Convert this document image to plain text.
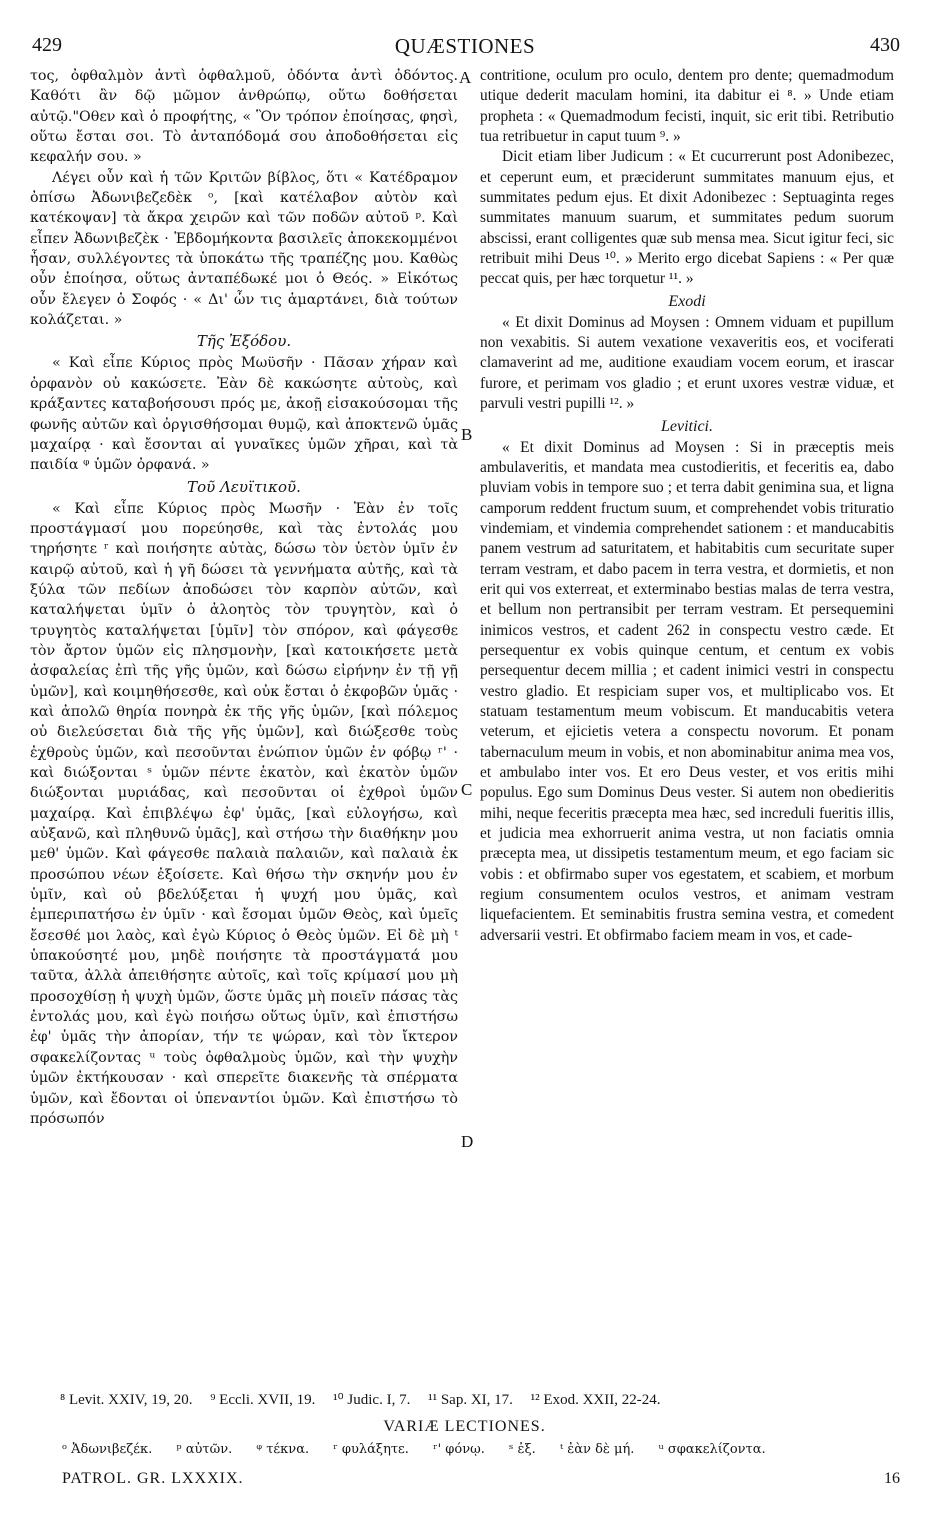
429	QUÆSTIONES	430

τος, ὀφθαλμὸν ἀντὶ ὀφθαλμοῦ, ὀδόντα ἀντὶ ὀδόντος. Καθότι ἂν δῷ μῶμον ἀνθρώπῳ, οὕτω δοθήσεται αὐτῷ."Οθεν καὶ ὁ προφήτης, « Ὃν τρόπον ἐποίησας, φησὶ, οὕτω ἔσται σοι. Τὸ ἀνταπόδομά σου ἀποδοθήσεται εἰς κεφαλήν σου. »

Λέγει οὖν καὶ ἡ τῶν Κριτῶν βίβλος, ὅτι « Κατέδραμον ὀπίσω Ἀδωνιβεζεδὲκ ᵒ, [καὶ κατέλαβον αὐτὸν καὶ κατέκοψαν] τὰ ἄκρα χειρῶν καὶ τῶν ποδῶν αὐτοῦ ᵖ. Καὶ εἶπεν Ἀδωνιβεζὲκ · Ἑβδομήκοντα βασιλεῖς ἀποκεκομμένοι ἦσαν, συλλέγοντες τὰ ὑποκάτω τῆς τραπέζης μου. Καθὼς οὖν ἐποίησα, οὕτως ἀνταπέδωκέ μοι ὁ Θεός. » Εἰκότως οὖν ἔλεγεν ὁ Σοφός · « Δι' ὧν τις ἁμαρτάνει, διὰ τούτων κολάζεται. »

Τῆς Ἐξόδου.

« Καὶ εἶπε Κύριος πρὸς Μωϋσῆν · Πᾶσαν χήραν καὶ ὀρφανὸν οὐ κακώσετε. Ἐὰν δὲ κακώσητε αὐτοὺς, καὶ κράξαντες καταβοήσουσι πρός με, ἀκοῇ εἰσακούσομαι τῆς φωνῆς αὐτῶν καὶ ὀργισθήσομαι θυμῷ, καὶ ἀποκτενῶ ὑμᾶς μαχαίρᾳ · καὶ ἔσονται αἱ γυναῖκες ὑμῶν χῆραι, καὶ τὰ παιδία ᵠ ὑμῶν ὀρφανά. »

Τοῦ Λευϊτικοῦ.

« Καὶ εἶπε Κύριος πρὸς Μωσῆν · Ἐὰν ἐν τοῖς προστάγμασί μου πορεύησθε, καὶ τὰς ἐντολάς μου τηρήσητε ʳ καὶ ποιήσητε αὐτὰς, δώσω τὸν ὑετὸν ὑμῖν ἐν καιρῷ αὐτοῦ, καὶ ἡ γῆ δώσει τὰ γεννήματα αὐτῆς, καὶ τὰ ξύλα τῶν πεδίων ἀποδώσει τὸν καρπὸν αὐτῶν, καὶ καταλήψεται ὑμῖν ὁ ἀλοητὸς τὸν τρυγητὸν, καὶ ὁ τρυγητὸς καταλήψεται [ὑμῖν] τὸν σπόρον, καὶ φάγεσθε τὸν ἄρτον ὑμῶν εἰς πλησμονὴν, [καὶ κατοικήσετε μετὰ ἀσφαλείας ἐπὶ τῆς γῆς ὑμῶν, καὶ δώσω εἰρήνην ἐν τῇ γῇ ὑμῶν], καὶ κοιμηθήσεσθε, καὶ οὐκ ἔσται ὁ ἐκφοβῶν ὑμᾶς · καὶ ἀπολῶ θηρία πονηρὰ ἐκ τῆς γῆς ὑμῶν, [καὶ πόλεμος οὐ διελεύσεται διὰ τῆς γῆς ὑμῶν], καὶ διώξεσθε τοὺς ἐχθροὺς ὑμῶν, καὶ πεσοῦνται ἐνώπιον ὑμῶν ἐν φόβῳ ʳ' · καὶ διώξονται ˢ ὑμῶν πέντε ἑκατὸν, καὶ ἑκατὸν ὑμῶν διώξονται μυριάδας, καὶ πεσοῦνται οἱ ἐχθροὶ ὑμῶν μαχαίρᾳ. Καὶ ἐπιβλέψω ἐφ' ὑμᾶς, [καὶ εὐλογήσω, καὶ αὐξανῶ, καὶ πληθυνῶ ὑμᾶς], καὶ στήσω τὴν διαθήκην μου μεθ' ὑμῶν. Καὶ φάγεσθε παλαιὰ παλαιῶν, καὶ παλαιὰ ἐκ προσώπου νέων ἐξοίσετε. Καὶ θήσω τὴν σκηνήν μου ἐν ὑμῖν, καὶ οὐ βδελύξεται ἡ ψυχή μου ὑμᾶς, καὶ ἐμπεριπατήσω ἐν ὑμῖν · καὶ ἔσομαι ὑμῶν Θεὸς, καὶ ὑμεῖς ἔσεσθέ μοι λαὸς, καὶ ἐγὼ Κύριος ὁ Θεὸς ὑμῶν. Εἰ δὲ μὴ ᵗ ὑπακούσητέ μου, μηδὲ ποιήσητε τὰ προστάγματά μου ταῦτα, ἀλλὰ ἀπειθήσητε αὐτοῖς, καὶ τοῖς κρίμασί μου μὴ προσοχθίσῃ ἡ ψυχὴ ὑμῶν, ὥστε ὑμᾶς μὴ ποιεῖν πάσας τὰς ἐντολάς μου, καὶ ἐγὼ ποιήσω οὕτως ὑμῖν, καὶ ἐπιστήσω ἐφ' ὑμᾶς τὴν ἀπορίαν, τήν τε ψώραν, καὶ τὸν ἴκτερον σφακελίζοντας ᵘ τοὺς ὀφθαλμοὺς ὑμῶν, καὶ τὴν ψυχὴν ὑμῶν ἐκτήκουσαν · καὶ σπερεῖτε διακενῆς τὰ σπέρματα ὑμῶν, καὶ ἔδονται οἱ ὑπεναντίοι ὑμῶν. Καὶ ἐπιστήσω τὸ πρόσωπόν

A
B
C
D

contritione, oculum pro oculo, dentem pro dente; quemadmodum utique dederit maculam homini, ita dabitur ei ⁸. » Unde etiam propheta : « Quemadmodum fecisti, inquit, sic erit tibi. Retributio tua retribuetur in caput tuum ⁹. »

Dicit etiam liber Judicum : « Et cucurrerunt post Adonibezec, et ceperunt eum, et præciderunt summitates manuum ejus, et summitates pedum ejus. Et dixit Adonibezec : Septuaginta reges summitates manuum suarum, et summitates pedum suorum abscissi, erant colligentes quæ sub mensa mea. Sicut igitur feci, sic retribuit mihi Deus ¹⁰. » Merito ergo dicebat Sapiens : « Per quæ peccat quis, per hæc torquetur ¹¹. »

Exodi

« Et dixit Dominus ad Moysen : Omnem viduam et pupillum non vexabitis. Si autem vexatione vexaveritis eos, et vociferati clamaverint ad me, auditione exaudiam vocem eorum, et irascar furore, et perimam vos gladio ; et erunt uxores vestræ viduæ, et parvuli vestri pupilli ¹². »

Levitici.

« Et dixit Dominus ad Moysen : Si in præceptis meis ambulaveritis, et mandata mea custodieritis, et feceritis ea, dabo pluviam vobis in tempore suo ; et terra dabit genimina sua, et ligna camporum reddent fructum suum, et comprehendet vobis trituratio vindemiam, et vindemia comprehendet sationem : et manducabitis panem vestrum ad saturitatem, et habitabitis cum securitate super terram vestram, et dabo pacem in terra vestra, et dormietis, et non erit qui vos exterreat, et exterminabo bestias malas de terra vestra, et bellum non pertransibit per terram vestram. Et persequemini inimicos vestros, et cadent 262 in conspectu vestro cæde. Et persequentur ex vobis quinque centum, et centum ex vobis persequentur decem millia ; et cadent inimici vestri in conspectu vestro gladio. Et respiciam super vos, et multiplicabo vos. Et statuam testamentum meum vobiscum. Et manducabitis vetera veterum, et ejicietis vetera a conspectu novorum. Et ponam tabernaculum meum in vobis, et non abominabitur anima mea vos, et ambulabo inter vos. Et ero Deus vester, et vos eritis mihi populus. Ego sum Dominus Deus vester. Si autem non obedieritis mihi, neque feceritis præcepta mea hæc, sed increduli fueritis illis, et judicia mea exhorruerit anima vestra, ut non faciatis omnia præcepta mea, ut dissipetis testamentum meum, et ego faciam sic vobis : et obfirmabo super vos egestatem, et scabiem, et morbum regium consumentem oculos vestros, et animam vestram liquefacientem. Et seminabitis frustra semina vestra, et comedent adversarii vestri. Et obfirmabo faciem meam in vos, et cade-

⁸ Levit. XXIV, 19, 20. ⁹ Eccli. XVII, 19. ¹⁰ Judic. I, 7. ¹¹ Sap. XI, 17. ¹² Exod. XXII, 22-24.
VARIÆ LECTIONES.
ᵒ Ἀδωνιβεζέκ. ᵖ αὐτῶν. ᵠ τέκνα. ʳ φυλάξητε. ʳ' φόνῳ. ˢ ἐξ. ᵗ ἐὰν δὲ μή. ᵘ σφακελίζοντα.
PATROL. GR. LXXXIX.	16
